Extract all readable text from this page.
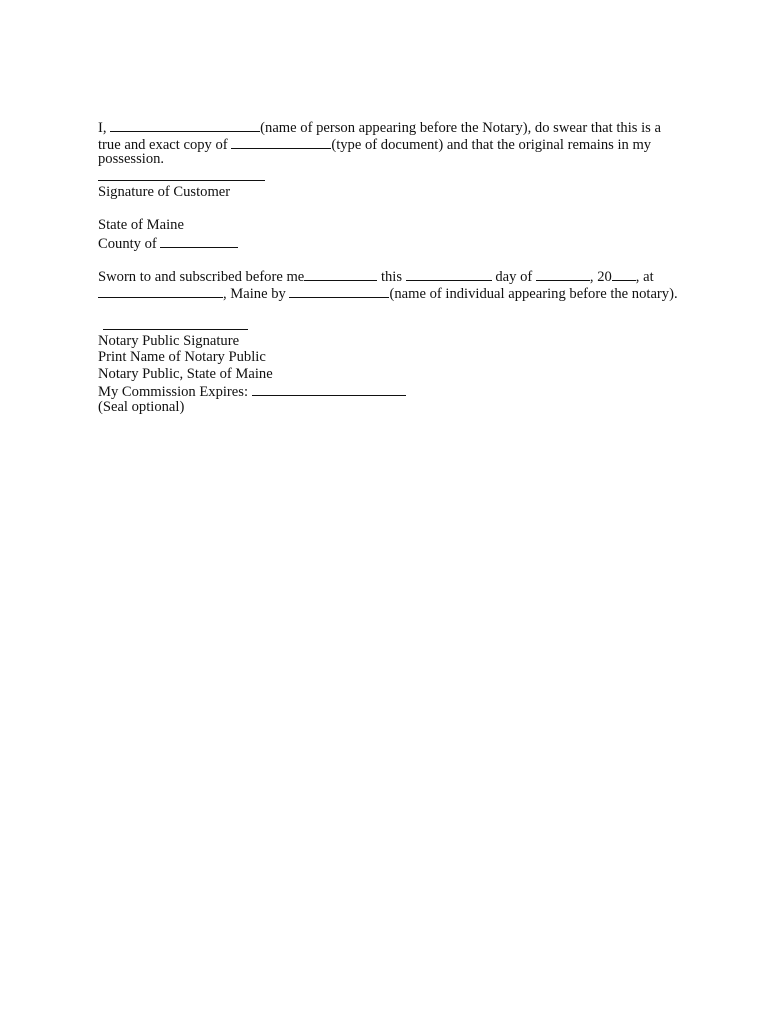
I,	(name of person appearing before the Notary), do swear that this is a
true and exact copy of	(type of document) and that the original remains in my
possession.
Signature of Customer
State of Maine
County of
Sworn to and subscribed before me	this	day of	, 20 , at
, Maine by	(name of individual appearing before the notary).
Notary Public Signature
Print Name of Notary Public
Notary Public, State of Maine
My Commission Expires:
(Seal optional)
